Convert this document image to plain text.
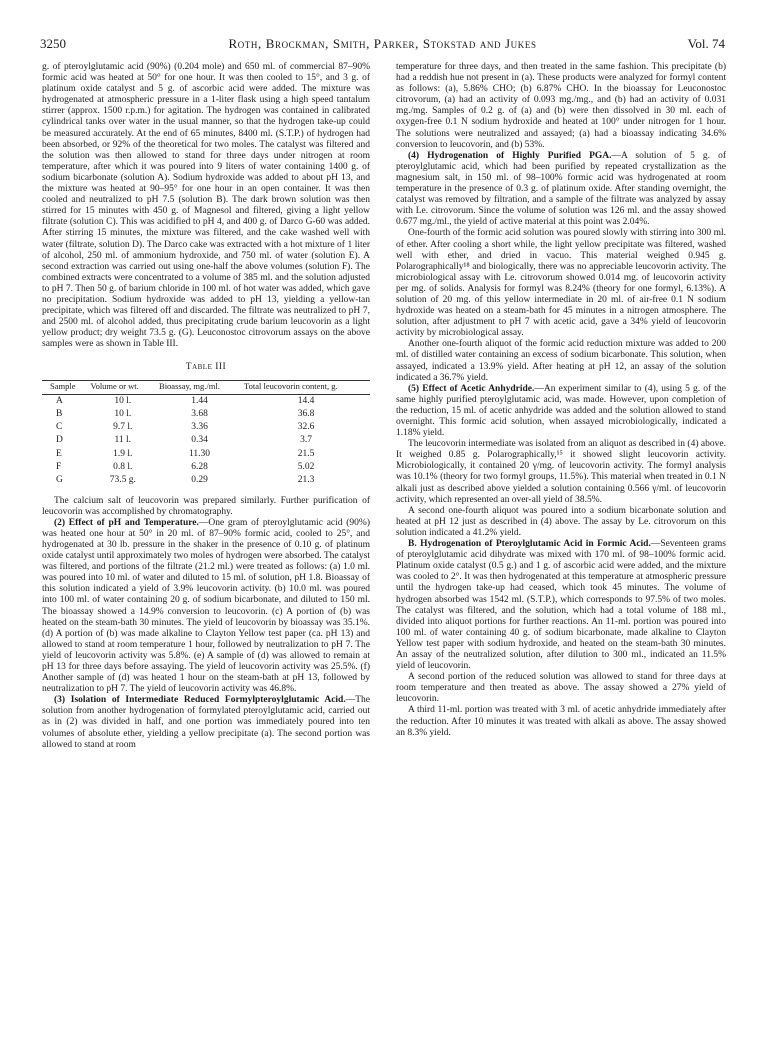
3250	Roth, Brockman, Smith, Parker, Stokstad and Jukes	Vol. 74

g. of pteroylglutamic acid (90%) (0.204 mole) and 650 ml. of commercial 87–90% formic acid was heated at 50° for one hour. It was then cooled to 15°, and 3 g. of platinum oxide catalyst and 5 g. of ascorbic acid were added. The mixture was hydrogenated at atmospheric pressure in a 1-liter flask using a high speed tantalum stirrer (approx. 1500 r.p.m.) for agitation. The hydrogen was contained in calibrated cylindrical tanks over water in the usual manner, so that the hydrogen take-up could be measured accurately. At the end of 65 minutes, 8400 ml. (S.T.P.) of hydrogen had been absorbed, or 92% of the theoretical for two moles. The catalyst was filtered and the solution was then allowed to stand for three days under nitrogen at room temperature, after which it was poured into 9 liters of water containing 1400 g. of sodium bicarbonate (solution A). Sodium hydroxide was added to about pH 13, and the mixture was heated at 90–95° for one hour in an open container. It was then cooled and neutralized to pH 7.5 (solution B). The dark brown solution was then stirred for 15 minutes with 450 g. of Magnesol and filtered, giving a light yellow filtrate (solution C). This was acidified to pH 4, and 400 g. of Darco G-60 was added. After stirring 15 minutes, the mixture was filtered, and the cake washed well with water (filtrate, solution D). The Darco cake was extracted with a hot mixture of 1 liter of alcohol, 250 ml. of ammonium hydroxide, and 750 ml. of water (solution E). A second extraction was carried out using one-half the above volumes (solution F). The combined extracts were concentrated to a volume of 385 ml. and the solution adjusted to pH 7. Then 50 g. of barium chloride in 100 ml. of hot water was added, which gave no precipitation. Sodium hydroxide was added to pH 13, yielding a yellow-tan precipitate, which was filtered off and discarded. The filtrate was neutralized to pH 7, and 2500 ml. of alcohol added, thus precipitating crude barium leucovorin as a light yellow product; dry weight 73.5 g. (G). Leuconostoc citrovorum assays on the above samples were as shown in Table III.

Table III
Sample	Volume or wt.	Bioassay, mg./ml.	Total leucovorin content, g.
A	10 l.	1.44	14.4
B	10 l.	3.68	36.8
C	9.7 l.	3.36	32.6
D	11 l.	0.34	3.7
E	1.9 l.	11.30	21.5
F	0.8 l.	6.28	5.02
G	73.5 g.	0.29	21.3

The calcium salt of leucovorin was prepared similarly. Further purification of leucovorin was accomplished by chromatography.

(2) Effect of pH and Temperature.—One gram of pteroylglutamic acid (90%) was heated one hour at 50° in 20 ml. of 87–90% formic acid, cooled to 25°, and hydrogenated at 30 lb. pressure in the shaker in the presence of 0.10 g. of platinum oxide catalyst until approximately two moles of hydrogen were absorbed. The catalyst was filtered, and portions of the filtrate (21.2 ml.) were treated as follows: (a) 1.0 ml. was poured into 10 ml. of water and diluted to 15 ml. of solution, pH 1.8. Bioassay of this solution indicated a yield of 3.9% leucovorin activity. (b) 10.0 ml. was poured into 100 ml. of water containing 20 g. of sodium bicarbonate, and diluted to 150 ml. The bioassay showed a 14.9% conversion to leucovorin. (c) A portion of (b) was heated on the steam-bath 30 minutes. The yield of leucovorin by bioassay was 35.1%. (d) A portion of (b) was made alkaline to Clayton Yellow test paper (ca. pH 13) and allowed to stand at room temperature 1 hour, followed by neutralization to pH 7. The yield of leucovorin activity was 5.8%. (e) A sample of (d) was allowed to remain at pH 13 for three days before assaying. The yield of leucovorin activity was 25.5%. (f) Another sample of (d) was heated 1 hour on the steam-bath at pH 13, followed by neutralization to pH 7. The yield of leucovorin activity was 46.8%.

(3) Isolation of Intermediate Reduced Formylpteroylglutamic Acid.—The solution from another hydrogenation of formylated pteroylglutamic acid, carried out as in (2) was divided in half, and one portion was immediately poured into ten volumes of absolute ether, yielding a yellow precipitate (a). The second portion was allowed to stand at room

temperature for three days, and then treated in the same fashion. This precipitate (b) had a reddish hue not present in (a). These products were analyzed for formyl content as follows: (a), 5.86% CHO; (b) 6.87% CHO. In the bioassay for Leuconostoc citrovorum, (a) had an activity of 0.093 mg./mg., and (b) had an activity of 0.031 mg./mg. Samples of 0.2 g. of (a) and (b) were then dissolved in 30 ml. each of oxygen-free 0.1 N sodium hydroxide and heated at 100° under nitrogen for 1 hour. The solutions were neutralized and assayed; (a) had a bioassay indicating 34.6% conversion to leucovorin, and (b) 53%.

(4) Hydrogenation of Highly Purified PGA.—A solution of 5 g. of pteroylglutamic acid, which had been purified by repeated crystallization as the magnesium salt, in 150 ml. of 98–100% formic acid was hydrogenated at room temperature in the presence of 0.3 g. of platinum oxide. After standing overnight, the catalyst was removed by filtration, and a sample of the filtrate was analyzed by assay with Le. citrovorum. Since the volume of solution was 126 ml. and the assay showed 0.677 mg./ml., the yield of active material at this point was 2.04%.

One-fourth of the formic acid solution was poured slowly with stirring into 300 ml. of ether. After cooling a short while, the light yellow precipitate was filtered, washed well with ether, and dried in vacuo. This material weighed 0.945 g. Polarographically¹⁸ and biologically, there was no appreciable leucovorin activity. The microbiological assay with Le. citrovorum showed 0.014 mg. of leucovorin activity per mg. of solids. Analysis for formyl was 8.24% (theory for one formyl, 6.13%). A solution of 20 mg. of this yellow intermediate in 20 ml. of air-free 0.1 N sodium hydroxide was heated on a steam-bath for 45 minutes in a nitrogen atmosphere. The solution, after adjustment to pH 7 with acetic acid, gave a 34% yield of leucovorin activity by microbiological assay.

Another one-fourth aliquot of the formic acid reduction mixture was added to 200 ml. of distilled water containing an excess of sodium bicarbonate. This solution, when assayed, indicated a 13.9% yield. After heating at pH 12, an assay of the solution indicated a 36.7% yield.

(5) Effect of Acetic Anhydride.—An experiment similar to (4), using 5 g. of the same highly purified pteroylglutamic acid, was made. However, upon completion of the reduction, 15 ml. of acetic anhydride was added and the solution allowed to stand overnight. This formic acid solution, when assayed microbiologically, indicated a 1.18% yield.

The leucovorin intermediate was isolated from an aliquot as described in (4) above. It weighed 0.85 g. Polarographically,¹⁵ it showed slight leucovorin activity. Microbiologically, it contained 20 γ/mg. of leucovorin activity. The formyl analysis was 10.1% (theory for two formyl groups, 11.5%). This material when treated in 0.1 N alkali just as described above yielded a solution containing 0.566 γ/ml. of leucovorin activity, which represented an over-all yield of 38.5%.

A second one-fourth aliquot was poured into a sodium bicarbonate solution and heated at pH 12 just as described in (4) above. The assay by Le. citrovorum on this solution indicated a 41.2% yield.

B. Hydrogenation of Pteroylglutamic Acid in Formic Acid.—Seventeen grams of pteroylglutamic acid dihydrate was mixed with 170 ml. of 98–100% formic acid. Platinum oxide catalyst (0.5 g.) and 1 g. of ascorbic acid were added, and the mixture was cooled to 2°. It was then hydrogenated at this temperature at atmospheric pressure until the hydrogen take-up had ceased, which took 45 minutes. The volume of hydrogen absorbed was 1542 ml. (S.T.P.), which corresponds to 97.5% of two moles. The catalyst was filtered, and the solution, which had a total volume of 188 ml., divided into aliquot portions for further reactions. An 11-ml. portion was poured into 100 ml. of water containing 40 g. of sodium bicarbonate, made alkaline to Clayton Yellow test paper with sodium hydroxide, and heated on the steam-bath 30 minutes. An assay of the neutralized solution, after dilution to 300 ml., indicated an 11.5% yield of leucovorin.

A second portion of the reduced solution was allowed to stand for three days at room temperature and then treated as above. The assay showed a 27% yield of leucovorin.

A third 11-ml. portion was treated with 3 ml. of acetic anhydride immediately after the reduction. After 10 minutes it was treated with alkali as above. The assay showed an 8.3% yield.
